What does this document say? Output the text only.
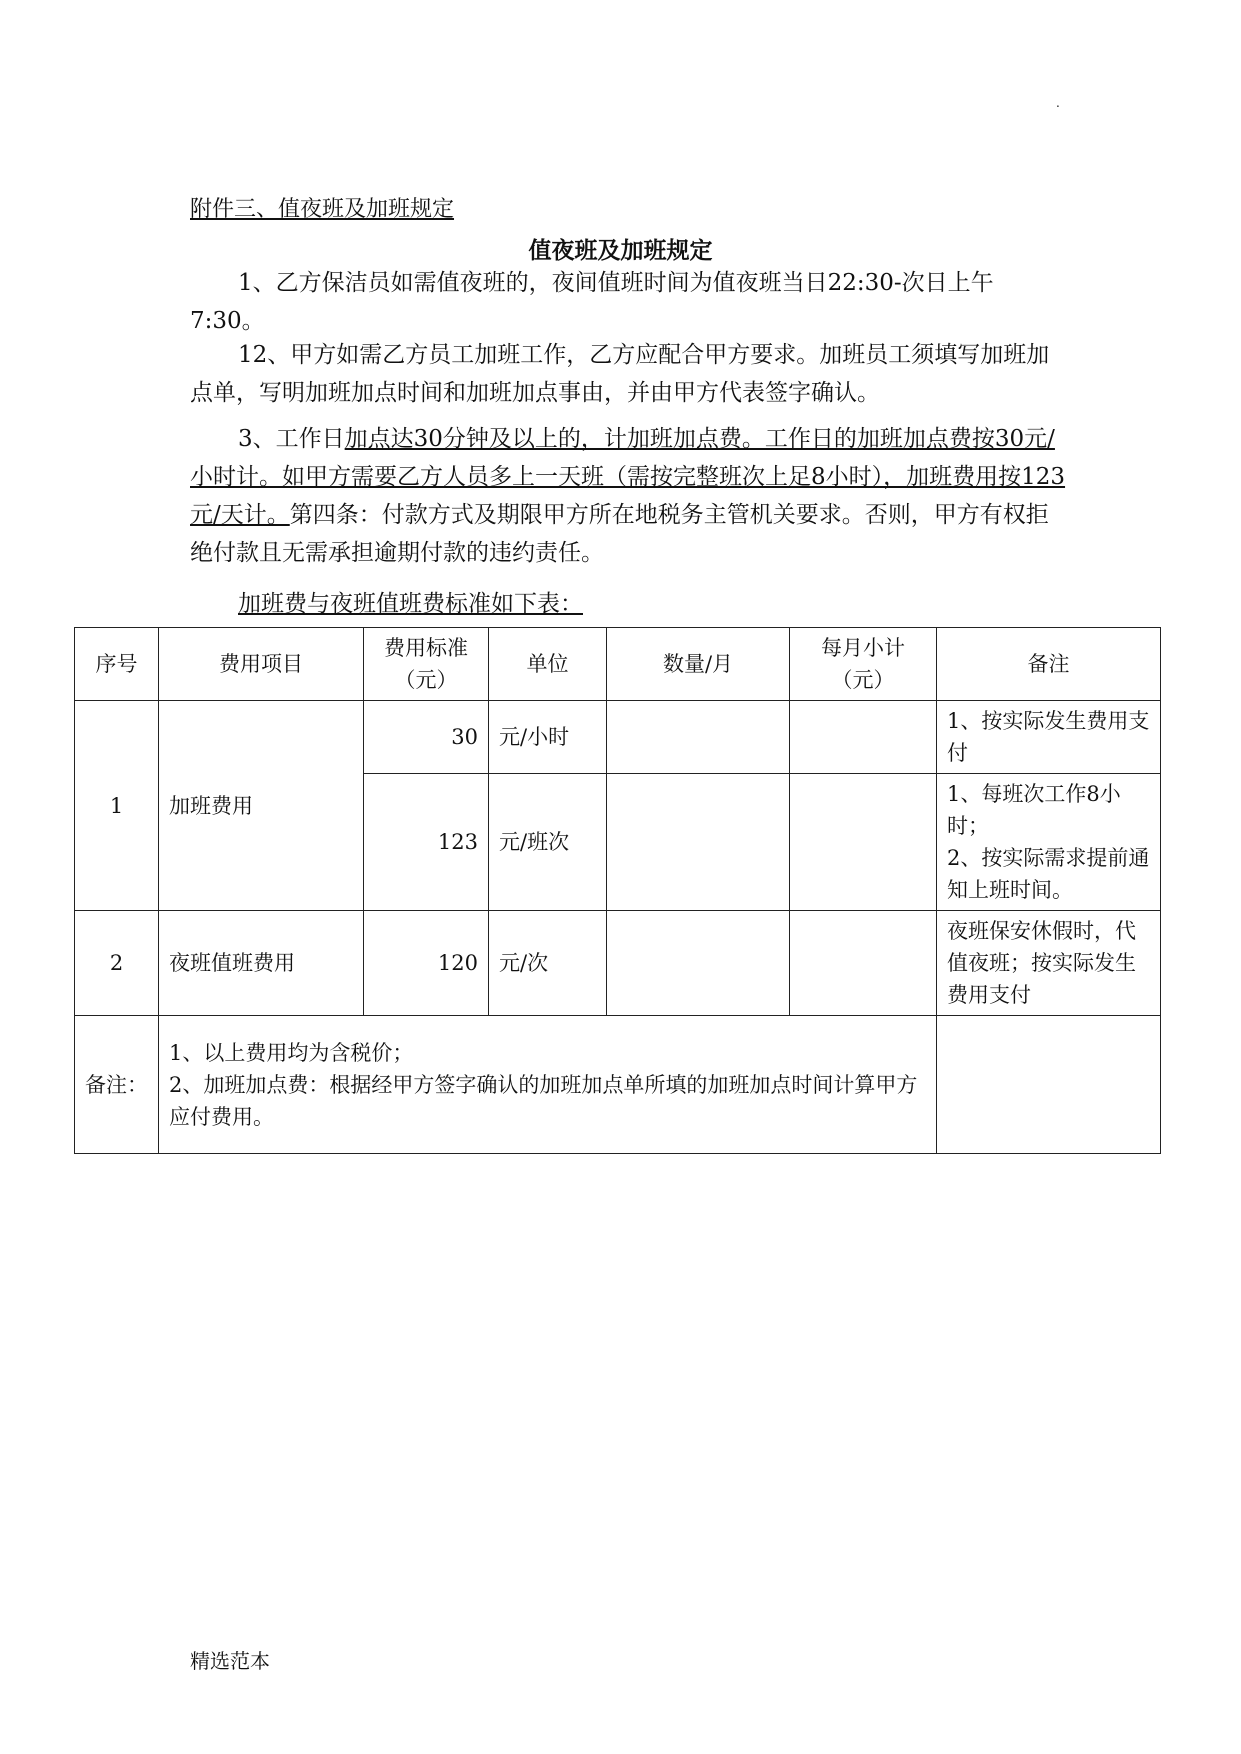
.
附件三、值夜班及加班规定
值夜班及加班规定
1、乙方保洁员如需值夜班的，夜间值班时间为值夜班当日22:30-次日上午7:30。
12、甲方如需乙方员工加班工作，乙方应配合甲方要求。加班员工须填写加班加点单，写明加班加点时间和加班加点事由，并由甲方代表签字确认。
3、工作日加点达30分钟及以上的，计加班加点费。工作日的加班加点费按30元/小时计。如甲方需要乙方人员多上一天班（需按完整班次上足8小时），加班费用按123元/天计。第四条：付款方式及期限甲方所在地税务主管机关要求。否则，甲方有权拒绝付款且无需承担逾期付款的违约责任。
加班费与夜班值班费标准如下表：
序号	费用项目	费用标准（元）	单位	数量/月	每月小计（元）	备注
1	加班费用	30	元/小时			1、按实际发生费用支付
		123	元/班次			1、每班次工作8小时；
2、按实际需求提前通知上班时间。

2	夜班值班费用	120	元/次			夜班保安休假时，代值夜班；按实际发生费用支付
备注：	1、以上费用均为含税价；
2、加班加点费：根据经甲方签字确认的加班加点单所填的加班加点时间计算甲方应付费用。					

精选范本
